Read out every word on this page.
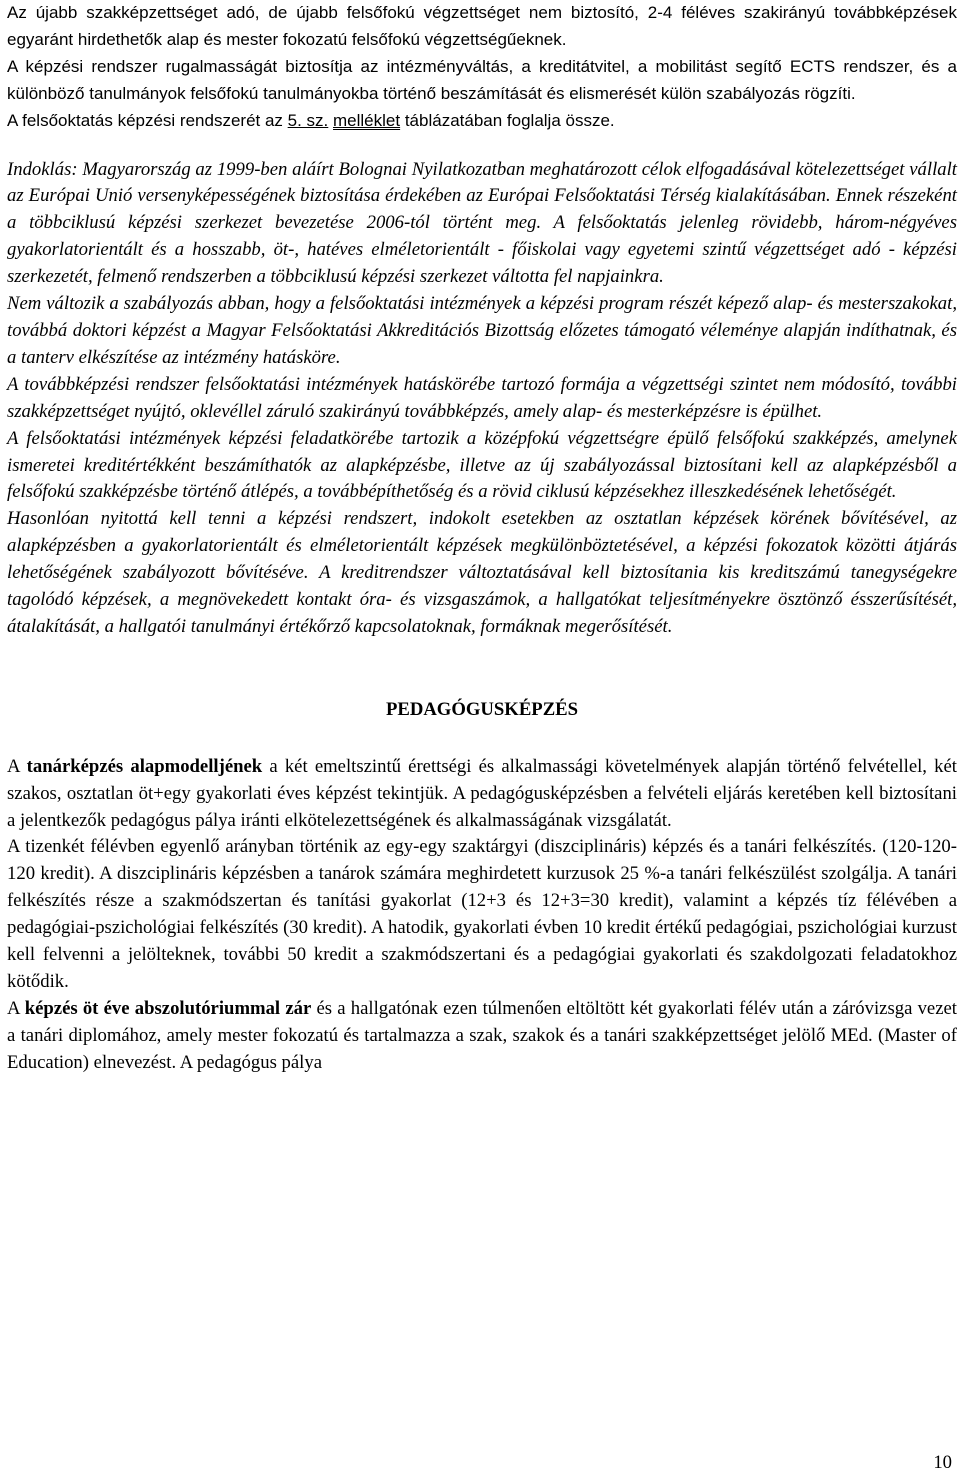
Az újabb szakképzettséget adó, de újabb felsőfokú végzettséget nem biztosító, 2-4 féléves szakirányú továbbképzések egyaránt hirdethetők alap és mester fokozatú felsőfokú végzettségűeknek.

A képzési rendszer rugalmasságát biztosítja az intézményváltás, a kreditátvitel, a mobilitást segítő ECTS rendszer, és a különböző tanulmányok felsőfokú tanulmányokba történő beszámítását és elismerését külön szabályozás rögzíti.

A felsőoktatás képzési rendszerét az 5. sz. melléklet táblázatában foglalja össze.

Indoklás: Magyarország az 1999-ben aláírt Bolognai Nyilatkozatban meghatározott célok elfogadásával kötelezettséget vállalt az Európai Unió versenyképességének biztosítása érdekében az Európai Felsőoktatási Térség kialakításában. Ennek részeként a többciklusú képzési szerkezet bevezetése 2006-tól történt meg. A felsőoktatás jelenleg rövidebb, három-négyéves gyakorlatorientált és a hosszabb, öt-, hatéves elméletorientált - főiskolai vagy egyetemi szintű végzettséget adó - képzési szerkezetét, felmenő rendszerben a többciklusú képzési szerkezet váltotta fel napjainkra.

Nem változik a szabályozás abban, hogy a felsőoktatási intézmények a képzési program részét képező alap- és mesterszakokat, továbbá doktori képzést a Magyar Felsőoktatási Akkreditációs Bizottság előzetes támogató véleménye alapján indíthatnak, és a tanterv elkészítése az intézmény hatásköre.

A továbbképzési rendszer felsőoktatási intézmények hatáskörébe tartozó formája a végzettségi szintet nem módosító, további szakképzettséget nyújtó, oklevéllel záruló szakirányú továbbképzés, amely alap- és mesterképzésre is épülhet.

A felsőoktatási intézmények képzési feladatkörébe tartozik a középfokú végzettségre épülő felsőfokú szakképzés, amelynek ismeretei kreditértékként beszámíthatók az alapképzésbe, illetve az új szabályozással biztosítani kell az alapképzésből a felsőfokú szakképzésbe történő átlépés, a továbbépíthetőség és a rövid ciklusú képzésekhez illeszkedésének lehetőségét.

Hasonlóan nyitottá kell tenni a képzési rendszert, indokolt esetekben az osztatlan képzések körének bővítésével, az alapképzésben a gyakorlatorientált és elméletorientált képzések megkülönböztetésével, a képzési fokozatok közötti átjárás lehetőségének szabályozott bővítéséve. A kreditrendszer változtatásával kell biztosítania kis kreditszámú tanegységekre tagolódó képzések, a megnövekedett kontakt óra- és vizsgaszámok, a hallgatókat teljesítményekre ösztönző ésszerűsítését, átalakítását, a hallgatói tanulmányi értékőrző kapcsolatoknak, formáknak megerősítését.

PEDAGÓGUSKÉPZÉS

A tanárképzés alapmodelljének a két emeltszintű érettségi és alkalmassági követelmények alapján történő felvétellel, két szakos, osztatlan öt+egy gyakorlati éves képzést tekintjük. A pedagógusképzésben a felvételi eljárás keretében kell biztosítani a jelentkezők pedagógus pálya iránti elkötelezettségének és alkalmasságának vizsgálatát.

A tizenkét félévben egyenlő arányban történik az egy-egy szaktárgyi (diszciplináris) képzés és a tanári felkészítés. (120-120-120 kredit). A diszciplináris képzésben a tanárok számára meghirdetett kurzusok 25 %-a tanári felkészülést szolgálja. A tanári felkészítés része a szakmódszertan és tanítási gyakorlat (12+3 és 12+3=30 kredit), valamint a képzés tíz félévében a pedagógiai-pszichológiai felkészítés (30 kredit). A hatodik, gyakorlati évben 10 kredit értékű pedagógiai, pszichológiai kurzust kell felvenni a jelölteknek, további 50 kredit a szakmódszertani és a pedagógiai gyakorlati és szakdolgozati feladatokhoz kötődik.

A képzés öt éve abszolutóriummal zár és a hallgatónak ezen túlmenően eltöltött két gyakorlati félév után a záróvizsga vezet a tanári diplomához, amely mester fokozatú és tartalmazza a szak, szakok és a tanári szakképzettséget jelölő MEd. (Master of Education) elnevezést. A pedagógus pálya

10
